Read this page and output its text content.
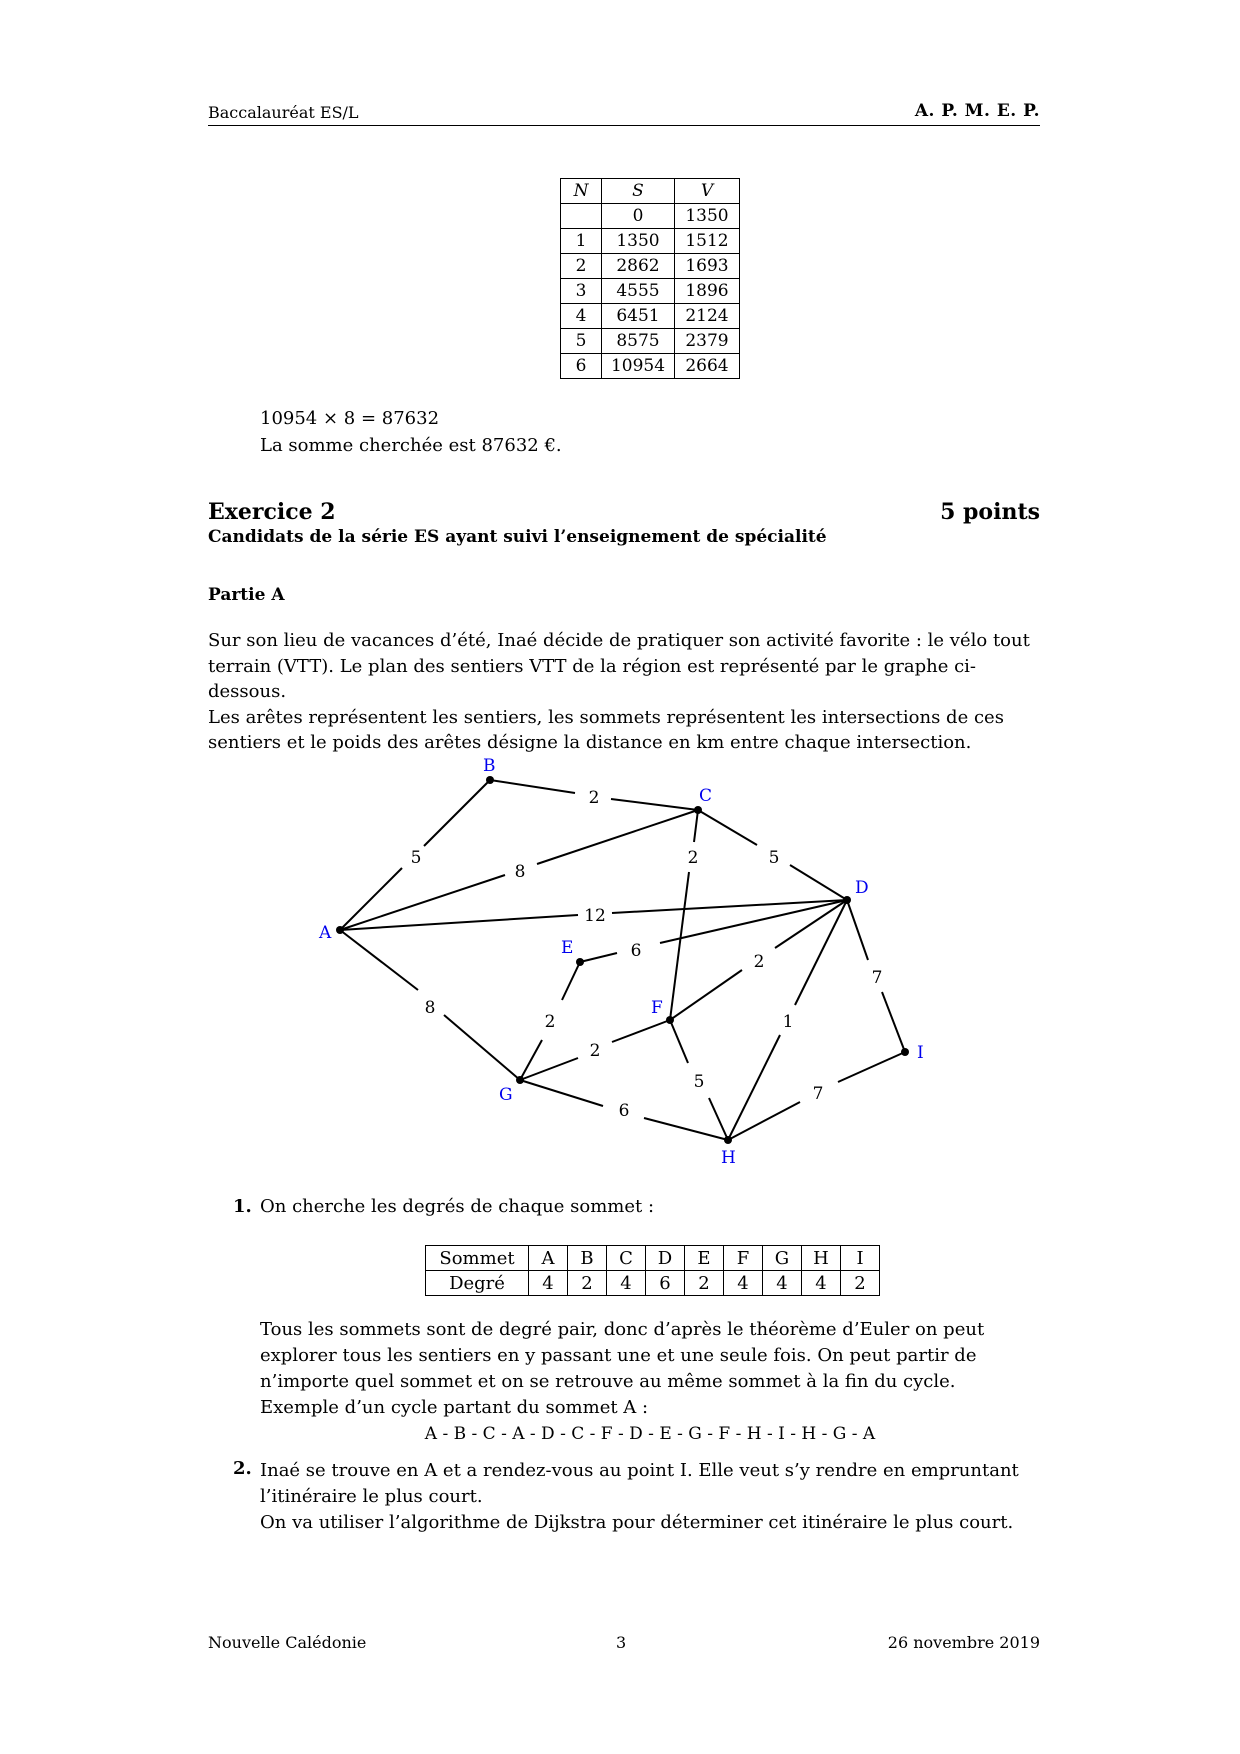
Baccalauréat ES/L	A. P. M. E. P.
N	S	V
	0	1350
1	1350	1512
2	2862	1693
3	4555	1896
4	6451	2124
5	8575	2379
6	10954	2664
10954 × 8 = 87632
La somme cherchée est 87632 €.
Exercice 2	5 points
Candidats de la série ES ayant suivi l’enseignement de spécialité
Partie A

Sur son lieu de vacances d’été, Inaé décide de pratiquer son activité favorite : le vélo tout terrain (VTT). Le plan des sentiers VTT de la région est représenté par le graphe ci-dessous.

Les arêtes représentent les sentiers, les sommets représentent les intersections de ces sentiers et le poids des arêtes désigne la distance en km entre chaque intersection.

A
B
C
D
E
F
G
H
I
5
8
12
8
2
5
2
6
2
1
7
2
2
5
6
7
1. On cherche les degrés de chaque sommet :
Sommet	A	B	C	D	E	F	G	H	I
Degré	4	2	4	6	2	4	4	4	2

Tous les sommets sont de degré pair, donc d’après le théorème d’Euler on peut explorer tous les sentiers en y passant une et une seule fois. On peut partir de n’importe quel sommet et on se retrouve au même sommet à la fin du cycle.

Exemple d’un cycle partant du sommet A :

A - B - C - A - D - C - F - D - E - G - F - H - I - H - G - A
2. Inaé se trouve en A et a rendez-vous au point I. Elle veut s’y rendre en empruntant l’itinéraire le plus court.

On va utiliser l’algorithme de Dijkstra pour déterminer cet itinéraire le plus court.

Nouvelle Calédonie	3	26 novembre 2019
